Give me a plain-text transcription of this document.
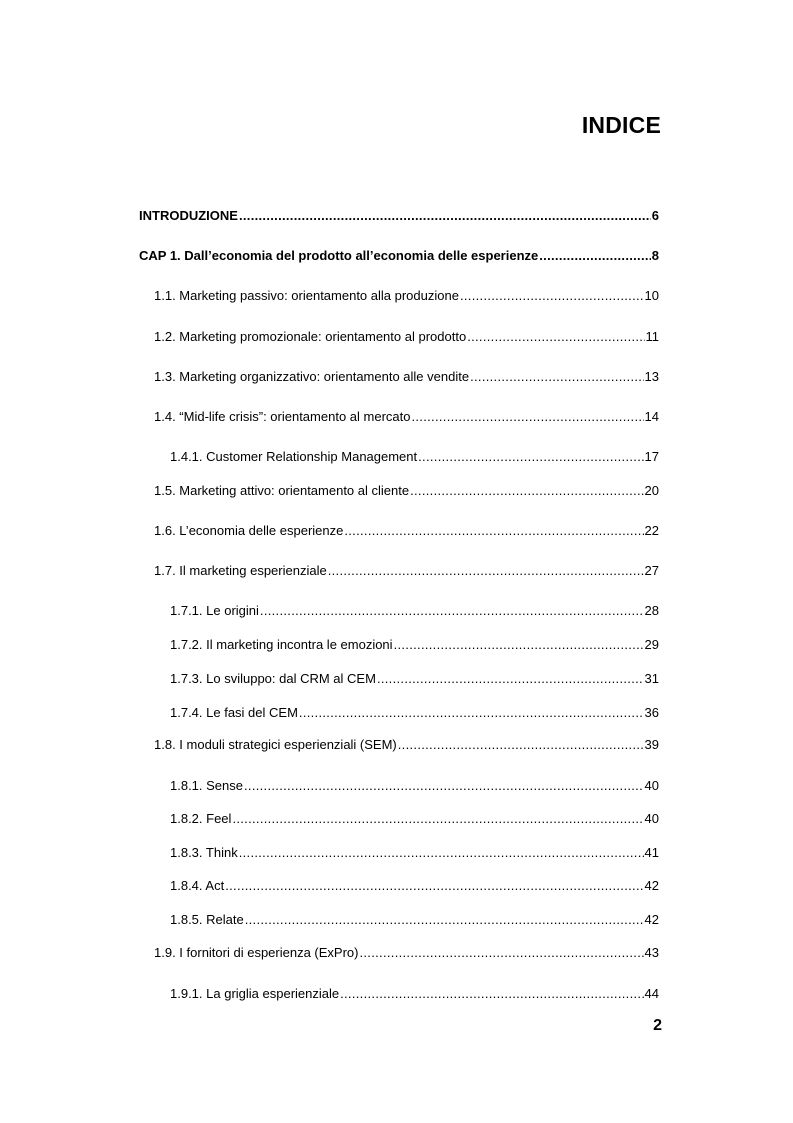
INDICE
INTRODUZIONE .....	6
CAP 1. Dall’economia del prodotto all’economia delle esperienze .....	8
1.1. Marketing passivo: orientamento alla produzione .....	10
1.2. Marketing promozionale: orientamento al prodotto .....	11
1.3. Marketing organizzativo: orientamento alle vendite .....	13
1.4. “Mid-life crisis”: orientamento al mercato .....	14
1.4.1. Customer Relationship Management .....	17
1.5. Marketing attivo: orientamento al cliente .....	20
1.6. L’economia delle esperienze .....	22
1.7. Il marketing esperienziale .....	27
1.7.1. Le origini .....	28
1.7.2. Il marketing incontra le emozioni .....	29
1.7.3. Lo sviluppo: dal CRM al CEM .....	31
1.7.4. Le fasi del CEM .....	36
1.8. I moduli strategici esperienziali (SEM) .....	39
1.8.1. Sense .....	40
1.8.2. Feel .....	40
1.8.3. Think .....	41
1.8.4. Act .....	42
1.8.5. Relate .....	42
1.9. I fornitori di esperienza (ExPro) .....	43
1.9.1. La griglia esperienziale .....	44
2
